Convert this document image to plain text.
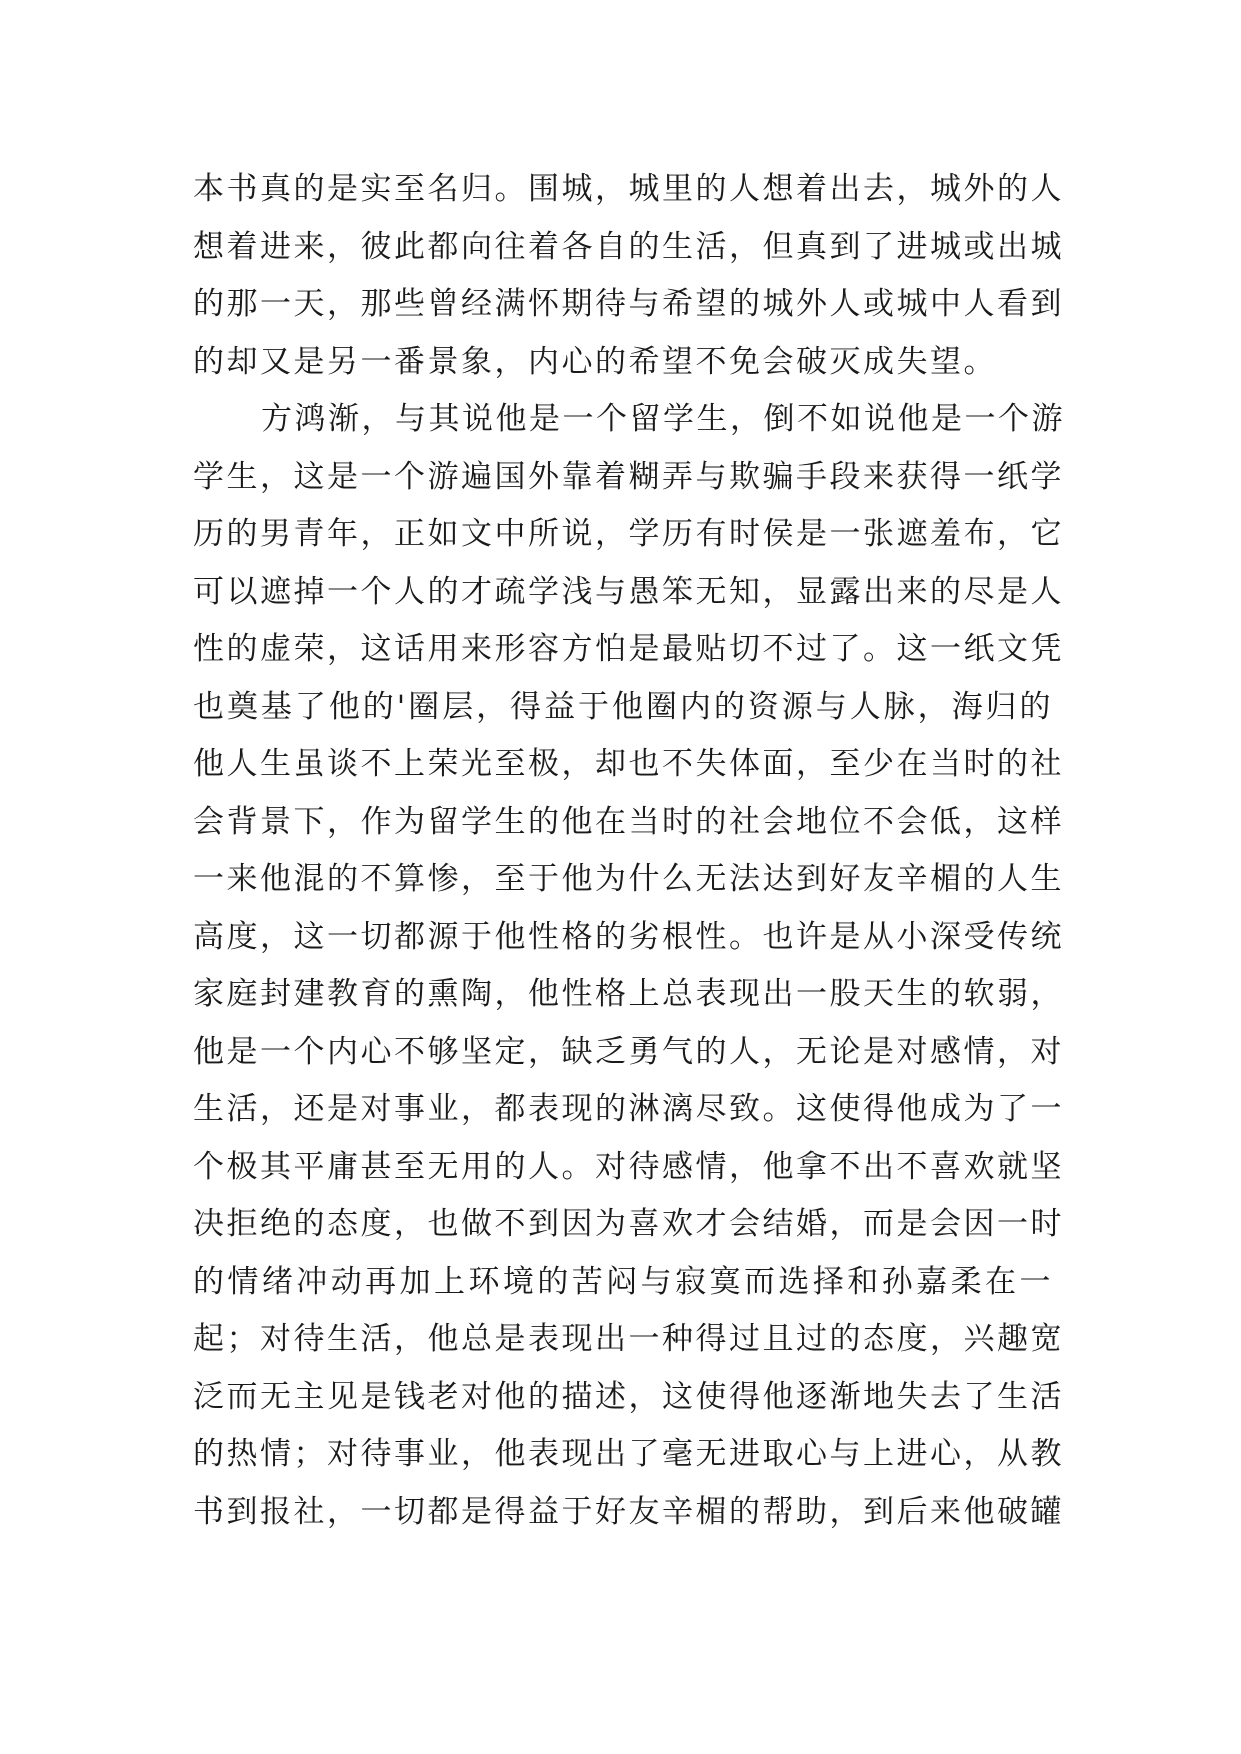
本书真的是实至名归。围城，城里的人想着出去，城外的人
想着进来，彼此都向往着各自的生活，但真到了进城或出城
的那一天，那些曾经满怀期待与希望的城外人或城中人看到
的却又是另一番景象，内心的希望不免会破灭成失望。
方鸿渐，与其说他是一个留学生，倒不如说他是一个游
学生，这是一个游遍国外靠着糊弄与欺骗手段来获得一纸学
历的男青年，正如文中所说，学历有时侯是一张遮羞布，它
可以遮掉一个人的才疏学浅与愚笨无知，显露出来的尽是人
性的虚荣，这话用来形容方怕是最贴切不过了。这一纸文凭
也奠基了他的'圈层，得益于他圈内的资源与人脉，海归的
他人生虽谈不上荣光至极，却也不失体面，至少在当时的社
会背景下，作为留学生的他在当时的社会地位不会低，这样
一来他混的不算惨，至于他为什么无法达到好友辛楣的人生
高度，这一切都源于他性格的劣根性。也许是从小深受传统
家庭封建教育的熏陶，他性格上总表现出一股天生的软弱，
他是一个内心不够坚定，缺乏勇气的人，无论是对感情，对
生活，还是对事业，都表现的淋漓尽致。这使得他成为了一
个极其平庸甚至无用的人。对待感情，他拿不出不喜欢就坚
决拒绝的态度，也做不到因为喜欢才会结婚，而是会因一时
的情绪冲动再加上环境的苦闷与寂寞而选择和孙嘉柔在一
起；对待生活，他总是表现出一种得过且过的态度，兴趣宽
泛而无主见是钱老对他的描述，这使得他逐渐地失去了生活
的热情；对待事业，他表现出了毫无进取心与上进心，从教
书到报社，一切都是得益于好友辛楣的帮助，到后来他破罐
